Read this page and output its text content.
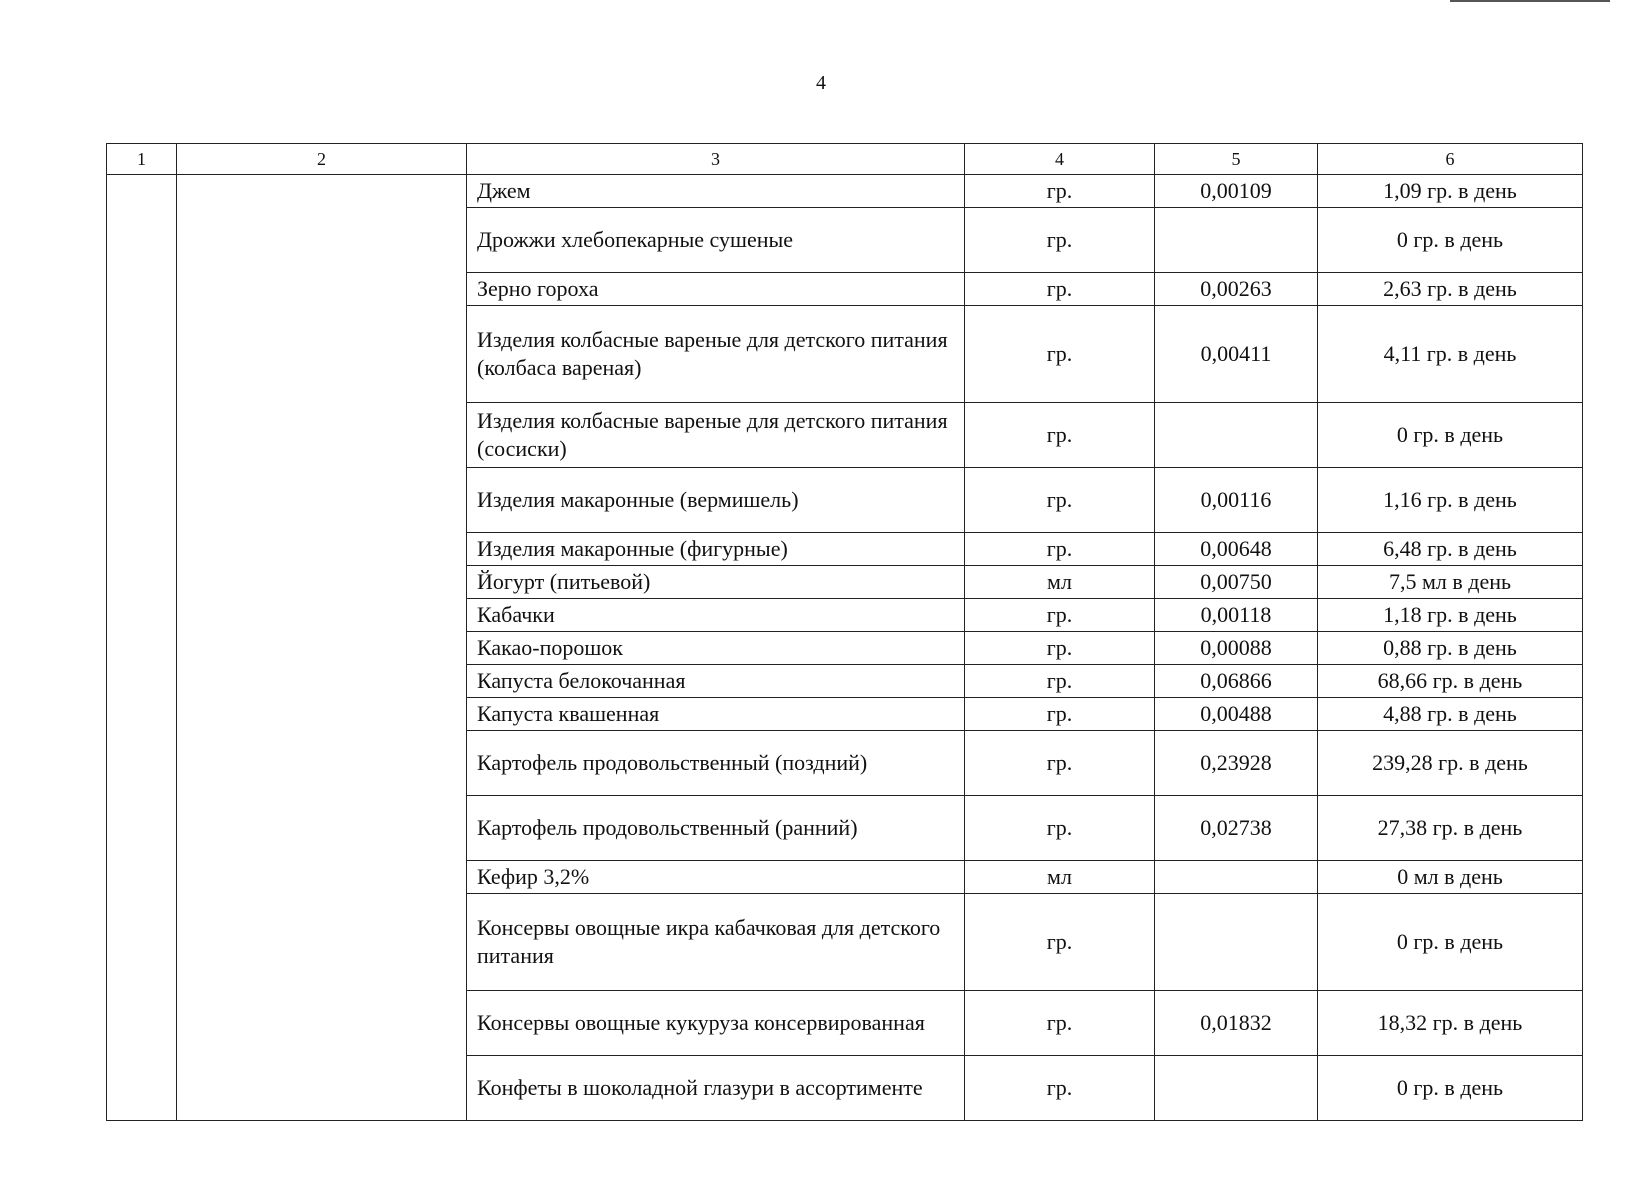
4
1	2	3	4	5	6
		Джем	гр.	0,00109	1,09 гр. в день
		Дрожжи хлебопекарные сушеные	гр.		0 гр. в день
		Зерно гороха	гр.	0,00263	2,63 гр. в день
		Изделия колбасные вареные для детского питания (колбаса вареная)	гр.	0,00411	4,11 гр. в день
		Изделия колбасные вареные для детского питания (сосиски)	гр.		0 гр. в день
		Изделия макаронные (вермишель)	гр.	0,00116	1,16 гр. в день
		Изделия макаронные (фигурные)	гр.	0,00648	6,48 гр. в день
		Йогурт (питьевой)	мл	0,00750	7,5 мл в день
		Кабачки	гр.	0,00118	1,18 гр. в день
		Какао-порошок	гр.	0,00088	0,88 гр. в день
		Капуста белокочанная	гр.	0,06866	68,66 гр. в день
		Капуста квашенная	гр.	0,00488	4,88 гр. в день
		Картофель продовольственный (поздний)	гр.	0,23928	239,28 гр. в день
		Картофель продовольственный (ранний)	гр.	0,02738	27,38 гр. в день
		Кефир 3,2%	мл		0 мл в день
		Консервы овощные икра кабачковая для детского питания	гр.		0 гр. в день
		Консервы овощные кукуруза консервированная	гр.	0,01832	18,32 гр. в день
		Конфеты в шоколадной глазури в ассортименте	гр.		0 гр. в день
